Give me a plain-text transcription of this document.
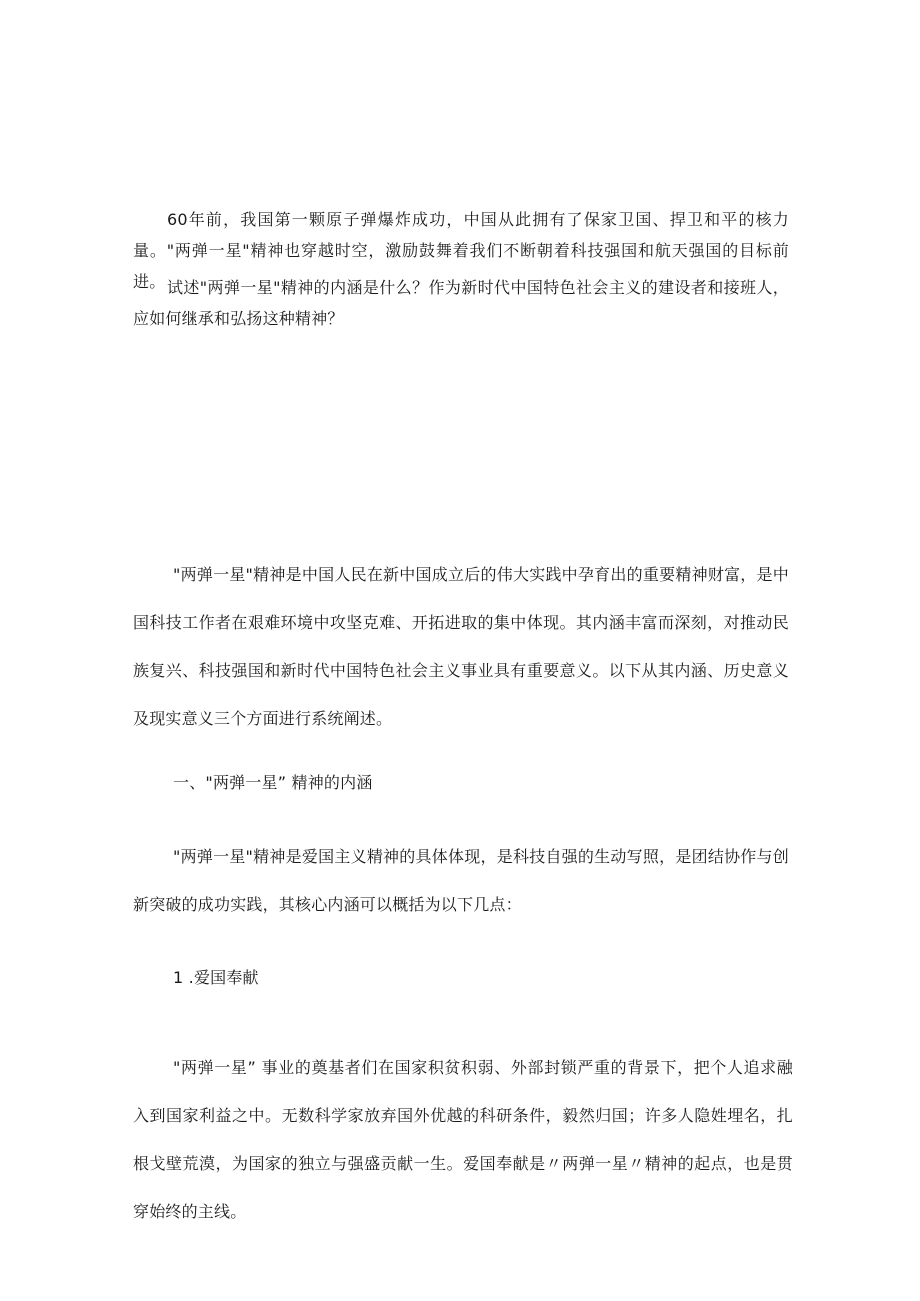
60年前，我国第一颗原子弹爆炸成功，中国从此拥有了保家卫国、捍卫和平的核力量。"两弹一星"精神也穿越时空，激励鼓舞着我们不断朝着科技强国和航天强国的目标前进。 试述"两弹一星"精神的内涵是什么？作为新时代中国特色社会主义的建设者和接班人，应如何继承和弘扬这种精神？

"两弹一星"精神是中国人民在新中国成立后的伟大实践中孕育出的重要精神财富，是中国科技工作者在艰难环境中攻坚克难、开拓进取的集中体现。其内涵丰富而深刻，对推动民族复兴、科技强国和新时代中国特色社会主义事业具有重要意义。以下从其内涵、历史意义及现实意义三个方面进行系统阐述。

一、"两弹一星” 精神的内涵

"两弹一星"精神是爱国主义精神的具体体现，是科技自强的生动写照，是团结协作与创新突破的成功实践，其核心内涵可以概括为以下几点：

1 .爱国奉献

"两弹一星” 事业的奠基者们在国家积贫积弱、外部封锁严重的背景下，把个人追求融入到国家利益之中。无数科学家放弃国外优越的科研条件，毅然归国；许多人隐姓埋名，扎根戈壁荒漠，为国家的独立与强盛贡献一生。爱国奉献是〃两弹一星〃精神的起点，也是贯穿始终的主线。
